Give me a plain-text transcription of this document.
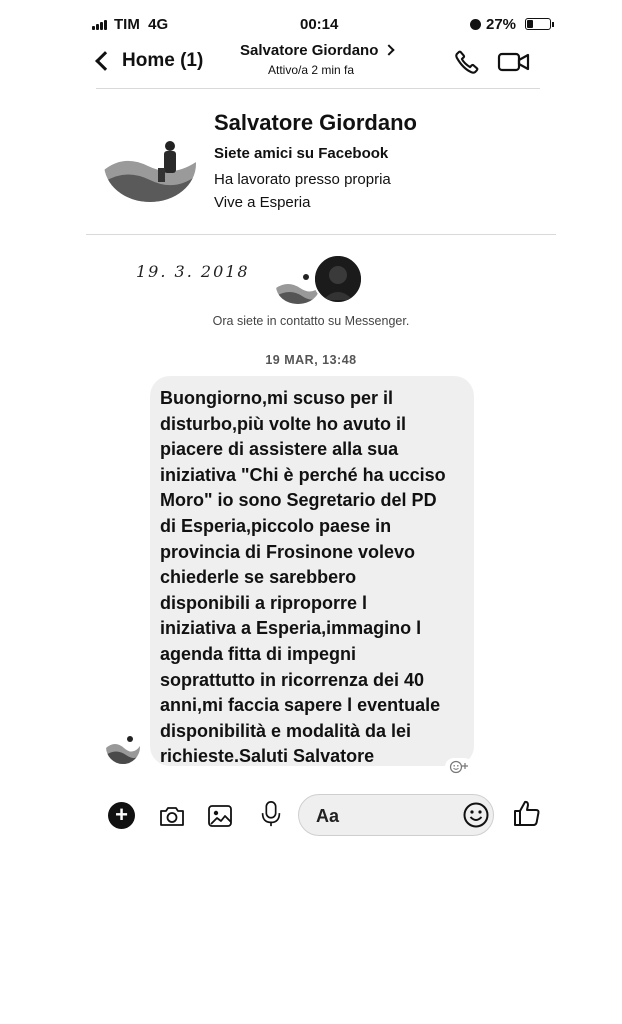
TIM 4G	00:14	27%
Home (1) Salvatore Giordano
Attivo/a 2 min fa
Salvatore Giordano
Siete amici su Facebook
Ha lavorato presso propria
Vive a Esperia
19. 3. 2018
Ora siete in contatto su Messenger.
19 MAR, 13:48
Buongiorno,mi scuso per il
disturbo,più volte ho avuto il
piacere di assistere alla sua
iniziativa "Chi è perché ha ucciso
Moro" io sono Segretario del PD
di Esperia,piccolo paese in
provincia di Frosinone volevo
chiederle se sarebbero
disponibili a riproporre l
iniziativa a Esperia,immagino l
agenda fitta di impegni
soprattutto in ricorrenza dei 40
anni,mi faccia sapere l eventuale
disponibilità e modalità da lei
richieste.Saluti Salvatore
+	Aa
